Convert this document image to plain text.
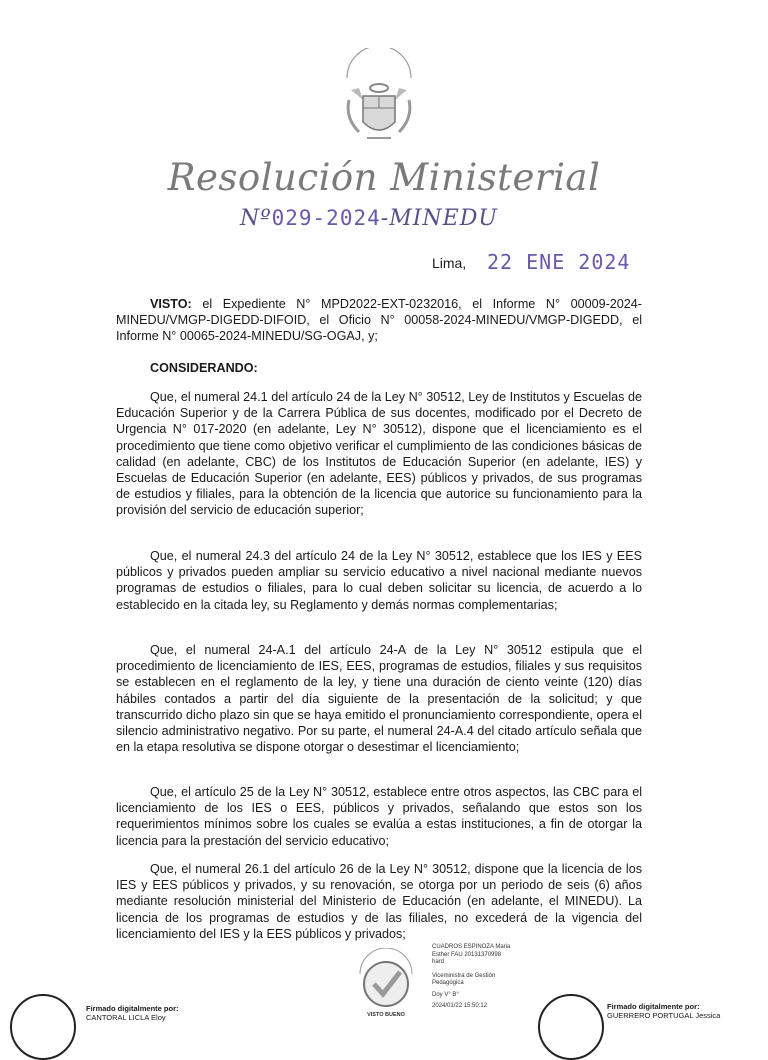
Resolución Ministerial
Nº029-2024-MINEDU
Lima, 22 ENE 2024

VISTO: el Expediente N° MPD2022-EXT-0232016, el Informe N° 00009-2024-MINEDU/VMGP-DIGEDD-DIFOID, el Oficio N° 00058-2024-MINEDU/VMGP-DIGEDD, el Informe N° 00065-2024-MINEDU/SG-OGAJ, y;

CONSIDERANDO:

Que, el numeral 24.1 del artículo 24 de la Ley N° 30512, Ley de Institutos y Escuelas de Educación Superior y de la Carrera Pública de sus docentes, modificado por el Decreto de Urgencia N° 017-2020 (en adelante, Ley N° 30512), dispone que el licenciamiento es el procedimiento que tiene como objetivo verificar el cumplimiento de las condiciones básicas de calidad (en adelante, CBC) de los Institutos de Educación Superior (en adelante, IES) y Escuelas de Educación Superior (en adelante, EES) públicos y privados, de sus programas de estudios y filiales, para la obtención de la licencia que autorice su funcionamiento para la provisión del servicio de educación superior;

Que, el numeral 24.3 del artículo 24 de la Ley N° 30512, establece que los IES y EES públicos y privados pueden ampliar su servicio educativo a nivel nacional mediante nuevos programas de estudios o filiales, para lo cual deben solicitar su licencia, de acuerdo a lo establecido en la citada ley, su Reglamento y demás normas complementarias;

Que, el numeral 24-A.1 del artículo 24-A de la Ley N° 30512 estipula que el procedimiento de licenciamiento de IES, EES, programas de estudios, filiales y sus requisitos se establecen en el reglamento de la ley, y tiene una duración de ciento veinte (120) días hábiles contados a partir del día siguiente de la presentación de la solicitud; y que transcurrido dicho plazo sin que se haya emitido el pronunciamiento correspondiente, opera el silencio administrativo negativo. Por su parte, el numeral 24-A.4 del citado artículo señala que en la etapa resolutiva se dispone otorgar o desestimar el licenciamiento;

Que, el artículo 25 de la Ley N° 30512, establece entre otros aspectos, las CBC para el licenciamiento de los IES o EES, públicos y privados, señalando que estos son los requerimientos mínimos sobre los cuales se evalúa a estas instituciones, a fin de otorgar la licencia para la prestación del servicio educativo;

Que, el numeral 26.1 del artículo 26 de la Ley N° 30512, dispone que la licencia de los IES y EES públicos y privados, y su renovación, se otorga por un periodo de seis (6) años mediante resolución ministerial del Ministerio de Educación (en adelante, el MINEDU). La licencia de los programas de estudios y de las filiales, no excederá de la vigencia del licenciamiento del IES y la EES públicos y privados;

VISTO BUENO
CUADROS ESPINOZA Maria
Esther FAU 20131370998
hard
Viceministra de Gestión
Pedagógica
Doy V° B°
2024/01/22 15:50:12
Firmado digitalmente por:
CANTORAL LICLA Eloy
Firmado digitalmente por:
GUERRERO PORTUGAL Jessica
